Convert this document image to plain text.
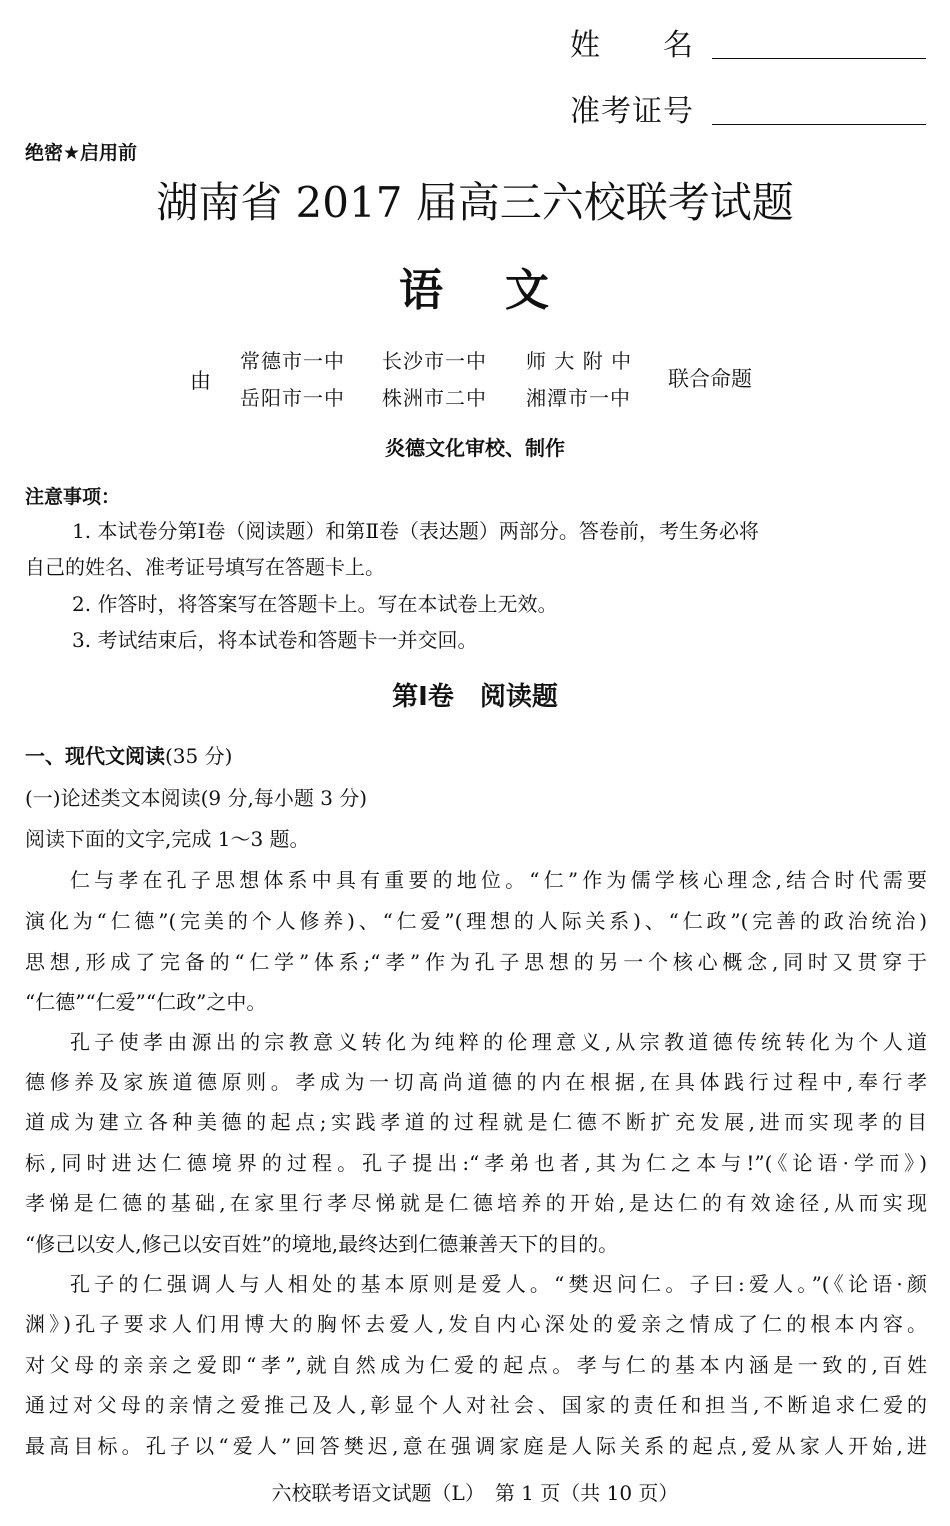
姓　　名
准考证号
绝密★启用前
湖南省 2017 届高三六校联考试题
语 文
由
常德市一中 长沙市一中 师 大 附 中
岳阳市一中 株洲市二中 湘潭市一中
联合命题
炎德文化审校、制作
注意事项：
1. 本试卷分第Ⅰ卷（阅读题）和第Ⅱ卷（表达题）两部分。答卷前，考生务必将
自己的姓名、准考证号填写在答题卡上。
2. 作答时，将答案写在答题卡上。写在本试卷上无效。
3. 考试结束后，将本试卷和答题卡一并交回。
第Ⅰ卷　阅读题
一、现代文阅读(35 分)
(一)论述类文本阅读(9 分,每小题 3 分)
阅读下面的文字,完成 1～3 题。
仁与孝在孔子思想体系中具有重要的地位。“仁”作为儒学核心理念,结合时代需要
演化为“仁德”(完美的个人修养)、“仁爱”(理想的人际关系)、“仁政”(完善的政治统治)
思想,形成了完备的“仁学”体系;“孝”作为孔子思想的另一个核心概念,同时又贯穿于
“仁德”“仁爱”“仁政”之中。
孔子使孝由源出的宗教意义转化为纯粹的伦理意义,从宗教道德传统转化为个人道
德修养及家族道德原则。孝成为一切高尚道德的内在根据,在具体践行过程中,奉行孝
道成为建立各种美德的起点;实践孝道的过程就是仁德不断扩充发展,进而实现孝的目
标,同时进达仁德境界的过程。孔子提出:“孝弟也者,其为仁之本与!”(《论语·学而》)
孝悌是仁德的基础,在家里行孝尽悌就是仁德培养的开始,是达仁的有效途径,从而实现
“修己以安人,修己以安百姓”的境地,最终达到仁德兼善天下的目的。
孔子的仁强调人与人相处的基本原则是爱人。“樊迟问仁。子曰:爱人。”(《论语·颜
渊》)孔子要求人们用博大的胸怀去爱人,发自内心深处的爱亲之情成了仁的根本内容。
对父母的亲亲之爱即“孝”,就自然成为仁爱的起点。孝与仁的基本内涵是一致的,百姓
通过对父母的亲情之爱推己及人,彰显个人对社会、国家的责任和担当,不断追求仁爱的
最高目标。孔子以“爱人”回答樊迟,意在强调家庭是人际关系的起点,爱从家人开始,进
六校联考语文试题（L）　第 1 页（共 10 页）
